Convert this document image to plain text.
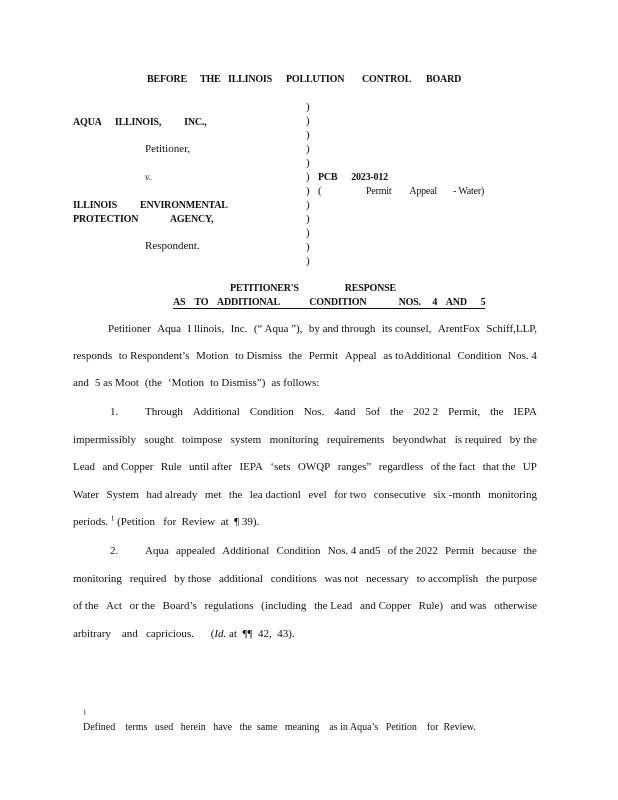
BEFORE THE ILLINOIS POLLUTION CONTROL BOARD
AQUA      ILLINOIS,          INC.,
Petitioner,
v.
ILLINOIS          ENVIRONMENTAL
PROTECTION              AGENCY,
Respondent.
)
)
)
)
)
)
)
)
)
)
)
)
PCB      2023-012
(	Permit        Appeal       - Water)
PETITIONER'S                    RESPONSE
AS    TO    ADDITIONAL             CONDITION              NOS.     4    AND      5
Petitioner Aqua I llinois, Inc. (“ Aqua ”), by and through its counsel, ArentFox Schiff,LLP,
responds to Respondent’s Motion to Dismiss the Permit Appeal as toAdditional Condition Nos. 4
and 5 as Moot (the ‘Motion to Dismiss”) as follows:
1. Through Additional Condition Nos. 4and 5of the 202 2 Permit, the IEPA
impermissibly sought toimpose system monitoring requirements beyondwhat is required by the
Lead and Copper Rule until after IEPA ‘sets OWQP ranges” regardless of the fact that the UP
Water System had already met the lea dactionl evel for two consecutive six -month monitoring
periods. $^1$ (Petition   for  Review  at  ¶ 39).
2. Aqua appealed Additional Condition Nos. 4 and5 of the 2022 Permit because the
monitoring required by those additional conditions was not necessary to accomplish the purpose
of the Act or the Board’s regulations (including the Lead and Copper Rule) and was otherwise
arbitrary    and   capricious. (Id. at  ¶¶  42,  43).

$^1$
Defined    terms   used   herein   have   the  same   meaning    as in Aqua’s   Petition    for  Review.
